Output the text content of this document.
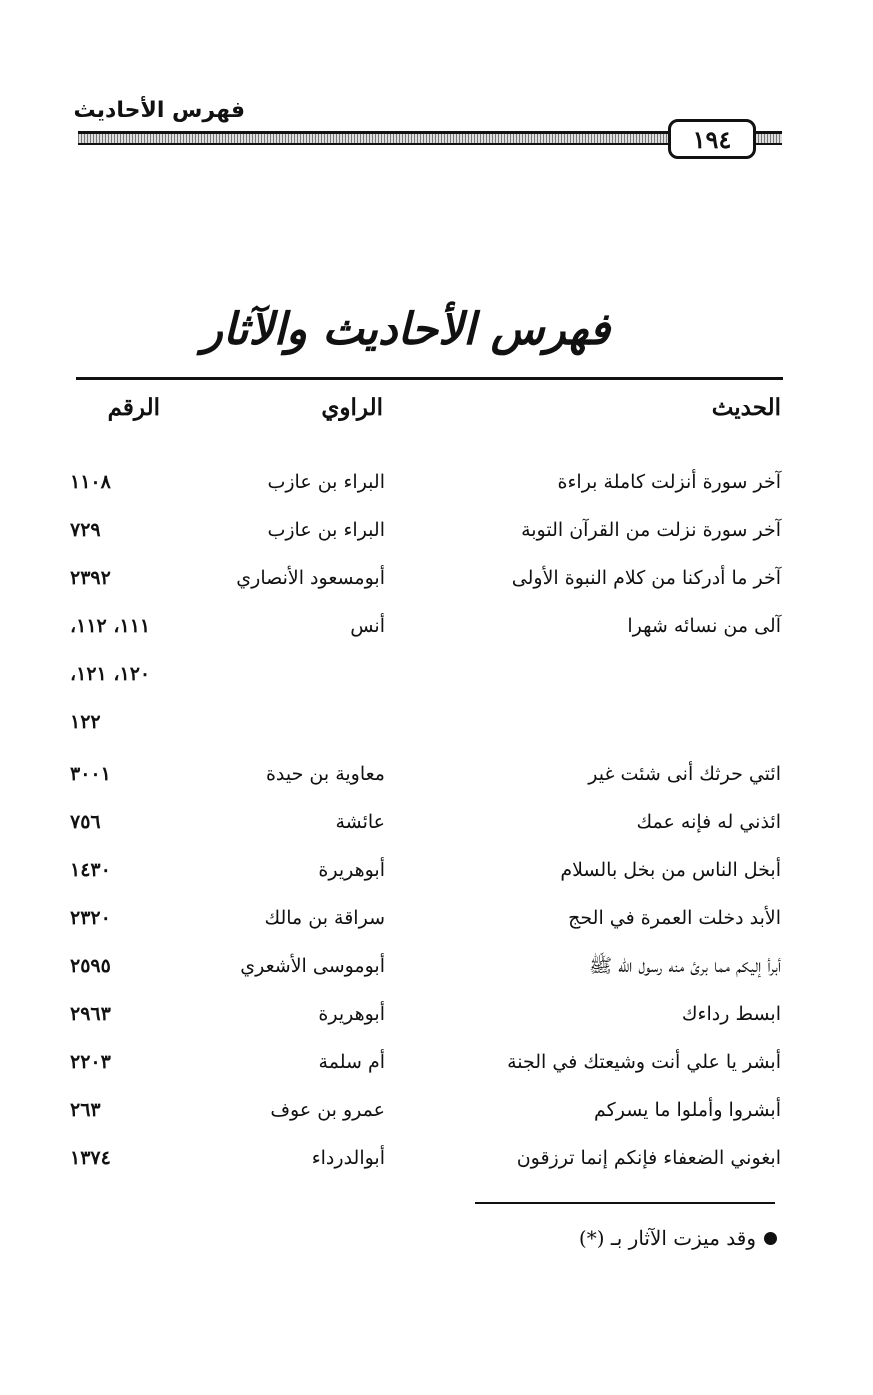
فهرس الأحاديث
١٩٤
فهرس الأحاديث والآثار
الحديث
الراوي
الرقم
آخر سورة أنزلت كاملة براءة
البراء بن عازب
١١٠٨
آخر سورة نزلت من القرآن التوبة
البراء بن عازب
٧٢٩
آخر ما أدركنا من كلام النبوة الأولى
أبومسعود الأنصاري
٢٣٩٢
آلى من نسائه شهرا
أنس
١١١، ١١٢،
١٢٠، ١٢١،
١٢٢
ائتي حرثك أنى شئت غير
معاوية بن حيدة
٣٠٠١
ائذني له فإنه عمك
عائشة
٧٥٦
أبخل الناس من بخل بالسلام
أبوهريرة
١٤٣٠
الأبد دخلت العمرة في الحج
سراقة بن مالك
٢٣٢٠
أبرأ إليكم مما برئ منه رسول الله ﷺ
أبوموسى الأشعري
٢٥٩٥
ابسط رداءك
أبوهريرة
٢٩٦٣
أبشر يا علي أنت وشيعتك في الجنة
أم سلمة
٢٢٠٣
أبشروا وأملوا ما يسركم
عمرو بن عوف
٢٦٣
ابغوني الضعفاء فإنكم إنما ترزقون
أبوالدرداء
١٣٧٤
وقد ميزت الآثار بـ (*)
